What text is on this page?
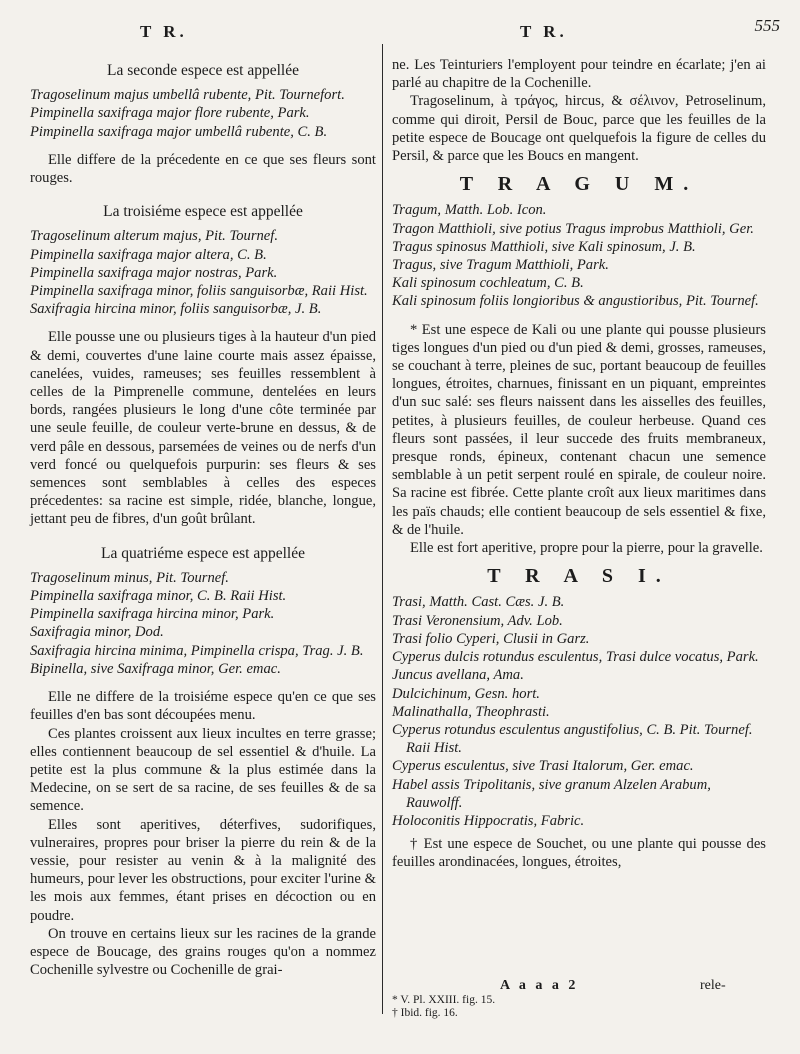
T R.	T R.	555

La seconde espece est appellée

Tragoselinum majus umbellâ rubente, Pit. Tournefort.

Pimpinella saxifraga major flore rubente, Park.

Pimpinella saxifraga major umbellâ rubente, C. B.

Elle differe de la précedente en ce que ses fleurs sont rouges.

La troisiéme espece est appellée

Tragoselinum alterum majus, Pit. Tournef.

Pimpinella saxifraga major altera, C. B.

Pimpinella saxifraga major nostras, Park.

Pimpinella saxifraga minor, foliis sanguisorbæ, Raii Hist.

Saxifragia hircina minor, foliis sanguisorbæ, J. B.

Elle pousse une ou plusieurs tiges à la hauteur d'un pied & demi, couvertes d'une laine courte mais assez épaisse, canelées, vuides, rameuses; ses feuilles ressemblent à celles de la Pimprenelle commune, dentelées en leurs bords, rangées plusieurs le long d'une côte terminée par une seule feuille, de couleur verte-brune en dessus, & de verd pâle en dessous, parsemées de veines ou de nerfs d'un verd foncé ou quelquefois purpurin: ses fleurs & ses semences sont semblables à celles des especes précedentes: sa racine est simple, ridée, blanche, longue, jettant peu de fibres, d'un goût brûlant.

La quatriéme espece est appellée

Tragoselinum minus, Pit. Tournef.

Pimpinella saxifraga minor, C. B. Raii Hist.

Pimpinella saxifraga hircina minor, Park.

Saxifragia minor, Dod.

Saxifragia hircina minima, Pimpinella crispa, Trag. J. B.

Bipinella, sive Saxifraga minor, Ger. emac.

Elle ne differe de la troisiéme espece qu'en ce que ses feuilles d'en bas sont découpées menu.

Ces plantes croissent aux lieux incultes en terre grasse; elles contiennent beaucoup de sel essentiel & d'huile. La petite est la plus commune & la plus estimée dans la Medecine, on se sert de sa racine, de ses feuilles & de sa semence.

Elles sont aperitives, déterfives, sudorifiques, vulneraires, propres pour briser la pierre du rein & de la vessie, pour resister au venin & à la malignité des humeurs, pour lever les obstructions, pour exciter l'urine & les mois aux femmes, étant prises en décoction ou en poudre.

On trouve en certains lieux sur les racines de la grande espece de Boucage, des grains rouges qu'on a nommez Cochenille sylvestre ou Cochenille de grai-

ne. Les Teinturiers l'employent pour teindre en écarlate; j'en ai parlé au chapitre de la Cochenille.

Tragoselinum, à τράγος, hircus, & σέλινον, Petroselinum, comme qui diroit, Persil de Bouc, parce que les feuilles de la petite espece de Boucage ont quelquefois la figure de celles du Persil, & parce que les Boucs en mangent.

T R A G U M.

Tragum, Matth. Lob. Icon.

Tragon Matthioli, sive potius Tragus improbus Matthioli, Ger.

Tragus spinosus Matthioli, sive Kali spinosum, J. B.

Tragus, sive Tragum Matthioli, Park.

Kali spinosum cochleatum, C. B.

Kali spinosum foliis longioribus & angustioribus, Pit. Tournef.

* Est une espece de Kali ou une plante qui pousse plusieurs tiges longues d'un pied ou d'un pied & demi, grosses, rameuses, se couchant à terre, pleines de suc, portant beaucoup de feuilles longues, étroites, charnues, finissant en un piquant, empreintes d'un suc salé: ses fleurs naissent dans les aisselles des feuilles, petites, à plusieurs feuilles, de couleur herbeuse. Quand ces fleurs sont passées, il leur succede des fruits membraneux, presque ronds, épineux, contenant chacun une semence semblable à un petit serpent roulé en spirale, de couleur noire. Sa racine est fibrée. Cette plante croît aux lieux maritimes dans les païs chauds; elle contient beaucoup de sels essentiel & fixe, & de l'huile.

Elle est fort aperitive, propre pour la pierre, pour la gravelle.

T R A S I.

Trasi, Matth. Cast. Cæs. J. B.

Trasi Veronensium, Adv. Lob.

Trasi folio Cyperi, Clusii in Garz.

Cyperus dulcis rotundus esculentus, Trasi dulce vocatus, Park.

Juncus avellana, Ama.

Dulcichinum, Gesn. hort.

Malinathalla, Theophrasti.

Cyperus rotundus esculentus angustifolius, C. B. Pit. Tournef. Raii Hist.

Cyperus esculentus, sive Trasi Italorum, Ger. emac.

Habel assis Tripolitanis, sive granum Alzelen Arabum, Rauwolff.

Holoconitis Hippocratis, Fabric.

† Est une espece de Souchet, ou une plante qui pousse des feuilles arondinacées, longues, étroites,

A a a a 2	rele-

* V. Pl. XXIII. fig. 15.

† Ibid. fig. 16.
